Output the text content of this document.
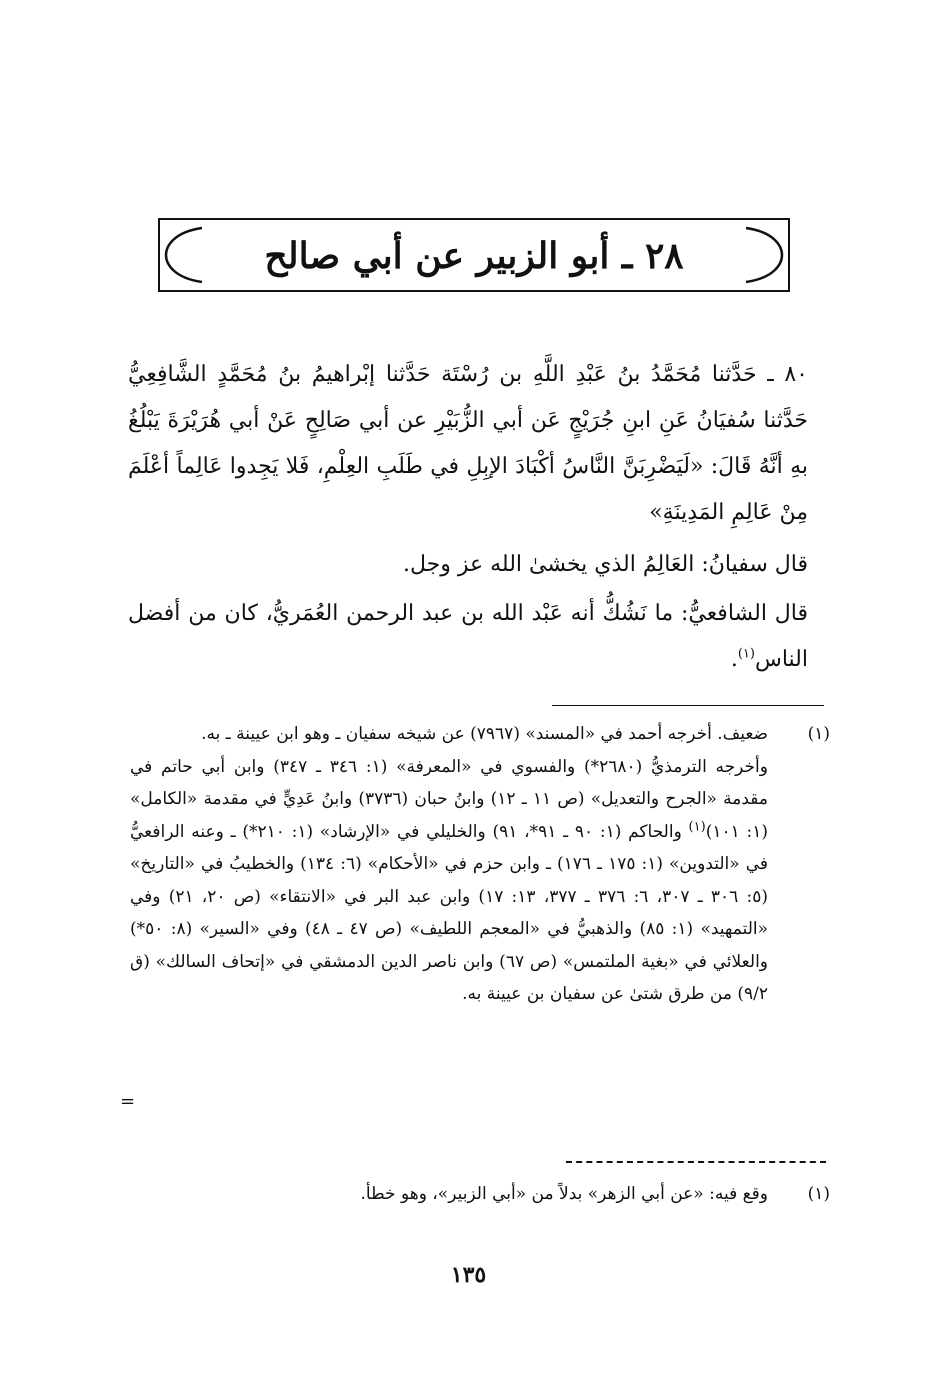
٢٨ ـ أبو الزبير عن أبي صالح

٨٠ ـ حَدَّثنا مُحَمَّدُ بنُ عَبْدِ اللَّهِ بن رُسْتَة حَدَّثنا إبْراهيمُ بنُ مُحَمَّدٍ الشَّافِعِيُّ حَدَّثنا سُفيَانُ عَنِ ابنِ جُرَيْجٍ عَن أبي الزُّبَيْرِ عن أبي صَالِحٍ عَنْ أبي هُرَيْرَةَ يَبْلُغُ بهِ أنَّهُ قَالَ: «لَيَضْرِبَنَّ النَّاسُ أكْبَادَ الإبِلِ في طَلَبِ العِلْمِ، فَلا يَجِدوا عَالِماً أعْلَمَ مِنْ عَالِمِ المَدِينَةِ»

قال سفيانُ: العَالِمُ الذي يخشىٰ الله عز وجل.

قال الشافعيُّ: ما نَشُكُّ أنه عَبْد الله بن عبد الرحمن العُمَريُّ، كان من أفضل الناس$^{(١)}$.

(١)

ضعيف. أخرجه أحمد في «المسند» (٧٩٦٧) عن شيخه سفيان ـ وهو ابن عيينة ـ به.

وأخرجه الترمذيُّ (٢٦٨٠*) والفسوي في «المعرفة» (١: ٣٤٦ ـ ٣٤٧) وابن أبي حاتم في مقدمة «الجرح والتعديل» (ص ١١ ـ ١٢) وابنُ حبان (٣٧٣٦) وابنُ عَدِيٍّ في مقدمة «الكامل» (١: ١٠١)$^{(١)}$ والحاكم (١: ٩٠ ـ ٩١*، ٩١) والخليلي في «الإرشاد» (١: ٢١٠*) ـ وعنه الرافعيُّ في «التدوين» (١: ١٧٥ ـ ١٧٦) ـ وابن حزم في «الأحكام» (٦: ١٣٤) والخطيبُ في «التاريخ» (٥: ٣٠٦ ـ ٣٠٧، ٦: ٣٧٦ ـ ٣٧٧، ١٣: ١٧) وابن عبد البر في «الانتقاء» (ص ٢٠، ٢١) وفي «التمهيد» (١: ٨٥) والذهبيُّ في «المعجم اللطيف» (ص ٤٧ ـ ٤٨) وفي «السير» (٨: ٥٠*) والعلائي في «بغية الملتمس» (ص ٦٧) وابن ناصر الدين الدمشقي في «إتحاف السالك» (ق ٩/٢) من طرق شتىٰ عن سفيان بن عيينة به.

=
(١)

وقع فيه: «عن أبي الزهر» بدلاً من «أبي الزبير»، وهو خطأ.

١٣٥
